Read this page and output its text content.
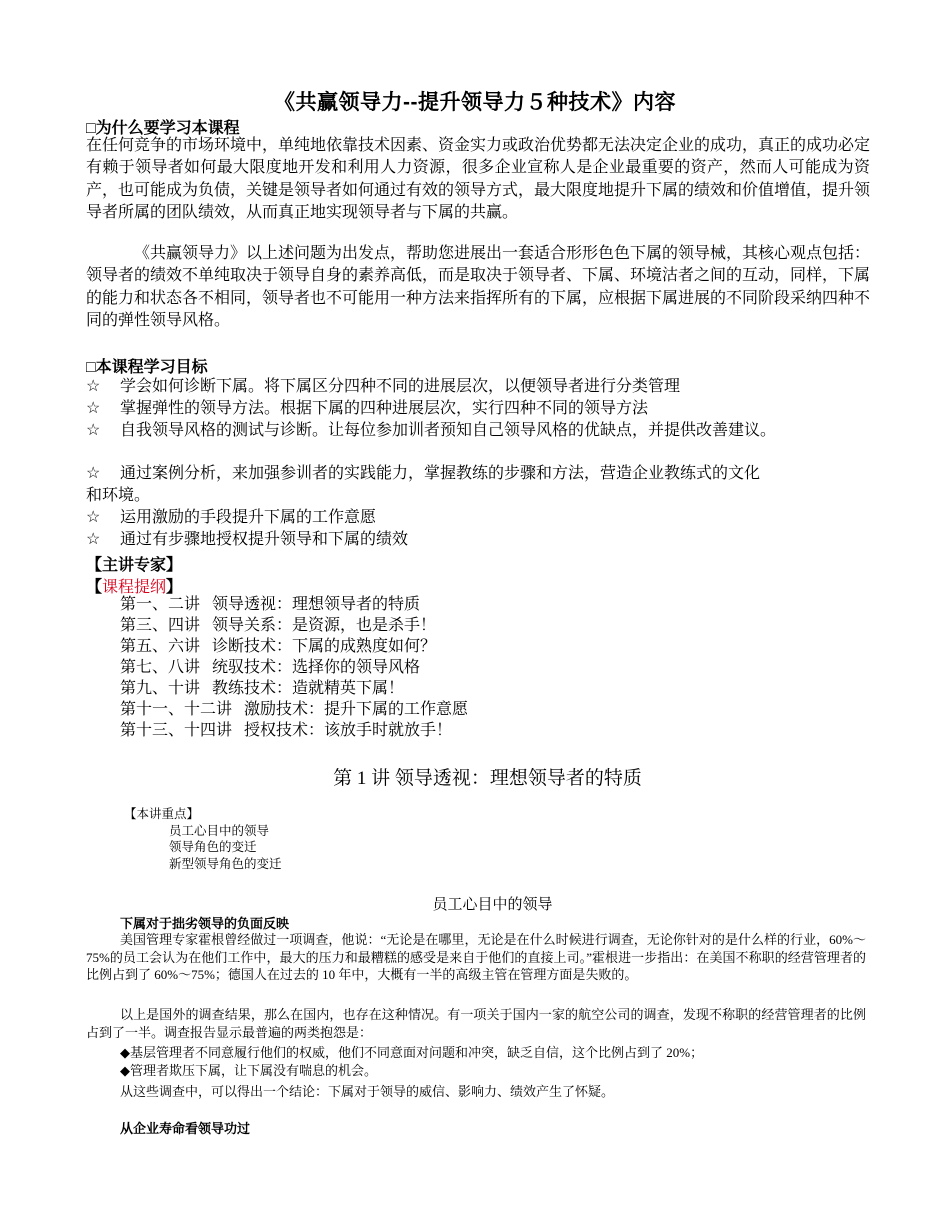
《共赢领导力--提升领导力５种技术》内容
□为什么要学习本课程

在任何竞争的市场环境中，单纯地依靠技术因素、资金实力或政治优势都无法决定企业的成功，真正的成功必定有赖于领导者如何最大限度地开发和利用人力资源，很多企业宣称人是企业最重要的资产，然而人可能成为资产，也可能成为负债，关键是领导者如何通过有效的领导方式，最大限度地提升下属的绩效和价值增值，提升领导者所属的团队绩效，从而真正地实现领导者与下属的共赢。

《共赢领导力》以上述问题为出发点，帮助您进展出一套适合形形色色下属的领导械，其核心观点包括：领导者的绩效不单纯取决于领导自身的素养高低，而是取决于领导者、下属、环境沽者之间的互动，同样，下属的能力和状态各不相同，领导者也不可能用一种方法来指挥所有的下属，应根据下属进展的不同阶段采纳四种不同的弹性领导风格。

□本课程学习目标
☆ 学会如何诊断下属。将下属区分四种不同的进展层次，以便领导者进行分类管理
☆ 掌握弹性的领导方法。根据下属的四种进展层次，实行四种不同的领导方法
☆ 自我领导风格的测试与诊断。让每位参加训者预知自己领导风格的优缺点，并提供改善建议。
☆ 通过案例分析，来加强参训者的实践能力，掌握教练的步骤和方法，营造企业教练式的文化
和环境。
☆ 运用激励的手段提升下属的工作意愿
☆ 通过有步骤地授权提升领导和下属的绩效
【主讲专家】
【课程提纲】
第一、二讲   领导透视：理想领导者的特质
第三、四讲   领导关系：是资源，也是杀手！
第五、六讲   诊断技术：下属的成熟度如何？
第七、八讲   统驭技术：选择你的领导风格
第九、十讲   教练技术：造就精英下属！
第十一、十二讲   激励技术：提升下属的工作意愿
第十三、十四讲   授权技术：该放手时就放手！
第 1 讲 领导透视：理想领导者的特质
【本讲重点】
员工心目中的领导
领导角色的变迁
新型领导角色的变迁
员工心目中的领导
下属对于拙劣领导的负面反映

美国管理专家霍根曾经做过一项调查，他说：“无论是在哪里，无论是在什么时候进行调查，无论你针对的是什么样的行业，60%～75%的员工会认为在他们工作中，最大的压力和最糟糕的感受是来自于他们的直接上司。”霍根进一步指出：在美国不称职的经营管理者的比例占到了 60%～75%；德国人在过去的 10 年中，大概有一半的高级主管在管理方面是失败的。

以上是国外的调查结果，那么在国内，也存在这种情况。有一项关于国内一家的航空公司的调查，发现不称职的经营管理者的比例占到了一半。调查报告显示最普遍的两类抱怨是：

◆基层管理者不同意履行他们的权威，他们不同意面对问题和冲突，缺乏自信，这个比例占到了 20%；
◆管理者欺压下属，让下属没有喘息的机会。
从这些调查中，可以得出一个结论：下属对于领导的威信、影响力、绩效产生了怀疑。
从企业寿命看领导功过
